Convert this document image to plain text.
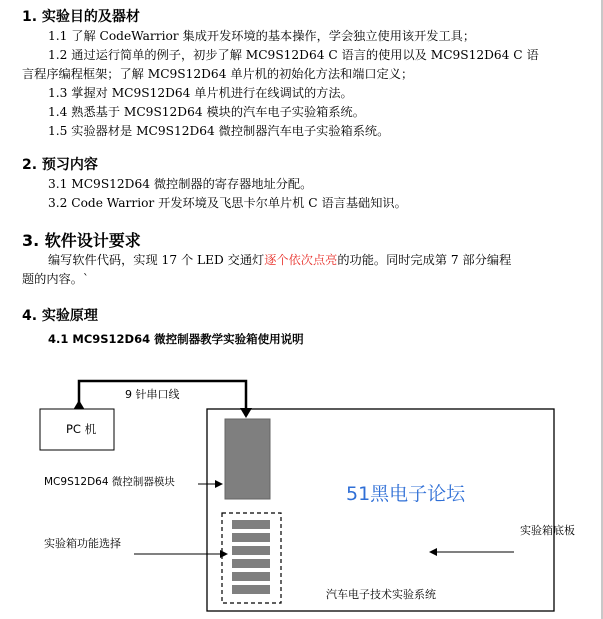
1. 实验目的及器材
1.1 了解 CodeWarrior 集成开发环境的基本操作，学会独立使用该开发工具；
1.2 通过运行简单的例子，初步了解 MC9S12D64 C 语言的使用以及 MC9S12D64 C 语
言程序编程框架；了解 MC9S12D64 单片机的初始化方法和端口定义；
1.3 掌握对 MC9S12D64 单片机进行在线调试的方法。
1.4 熟悉基于 MC9S12D64 模块的汽车电子实验箱系统。
1.5 实验器材是 MC9S12D64 微控制器汽车电子实验箱系统。
2. 预习内容
3.1 MC9S12D64 微控制器的寄存器地址分配。
3.2 Code Warrior 开发环境及飞思卡尔单片机 C 语言基础知识。
3. 软件设计要求
编写软件代码，实现 17 个 LED 交通灯逐个依次点亮的功能。同时完成第 7 部分编程
题的内容。`
4. 实验原理
4.1 MC9S12D64 微控制器教学实验箱使用说明
9 针串口线
PC 机
MC9S12D64 微控制器模块
51黑电子论坛
实验箱功能选择
实验箱底板
汽车电子技术实验系统
